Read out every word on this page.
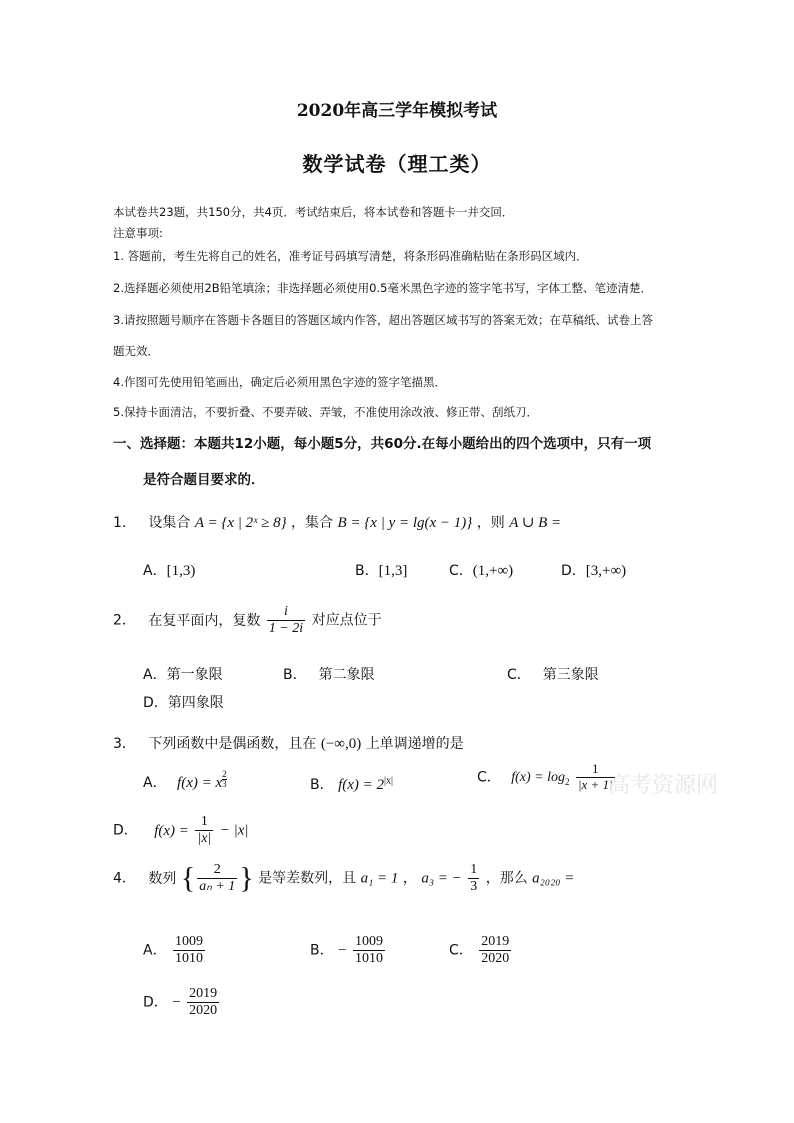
2020年高三学年模拟考试
数学试卷（理工类）
本试卷共23题，共150分，共4页．考试结束后，将本试卷和答题卡一并交回．
注意事项:
1. 答题前，考生先将自己的姓名，准考证号码填写清楚，将条形码准确粘贴在条形码区域内．
2.选择题必须使用2B铅笔填涂；非选择题必须使用0.5毫米黑色字迹的签字笔书写，字体工整、笔迹清楚．
3.请按照题号顺序在答题卡各题目的答题区域内作答，超出答题区域书写的答案无效；在草稿纸、试卷上答
题无效．
4.作图可先使用铅笔画出，确定后必须用黑色字迹的签字笔描黑．
5.保持卡面清洁，不要折叠、不要弄破、弄皱，不准使用涂改液、修正带、刮纸刀．
一、选择题：本题共12小题，每小题5分，共60分.在每小题给出的四个选项中，只有一项
是符合题目要求的．
1． 设集合 A = {x | 2ˣ ≥ 8} ，集合 B = {x | y = lg(x − 1)} ，则 A ∪ B =
A．[1,3)	B．[1,3]	C．(1,+∞)	D．[3,+∞)
2． 在复平面内，复数 $\frac{i}{1 - 2i}$ 对应点位于
A．第一象限	B． 第二象限	C． 第三象限
D．第四象限
3． 下列函数中是偶函数，且在 (−∞,0) 上单调递增的是
A． f(x) = x $\frac{2}{3}$	B． $f(x) = 2^{|x|}$	C． $f(x) = \log_2 \frac{1}{|x + 1|}$
高考资源网
D． $f(x) = \frac{1}{|x|} - |x|$
4． 数列 { $\frac{2}{\text{aₙ + 1}}$ } 是等差数列，且 a₁ = 1 ， a₃ = − $\frac{1}{3}$ ，那么 a₂₀₂₀ =
A． $\frac{1009}{1010}$	B． − $\frac{1009}{1010}$	C． $\frac{2019}{2020}$
D． − $\frac{2019}{2020}$
